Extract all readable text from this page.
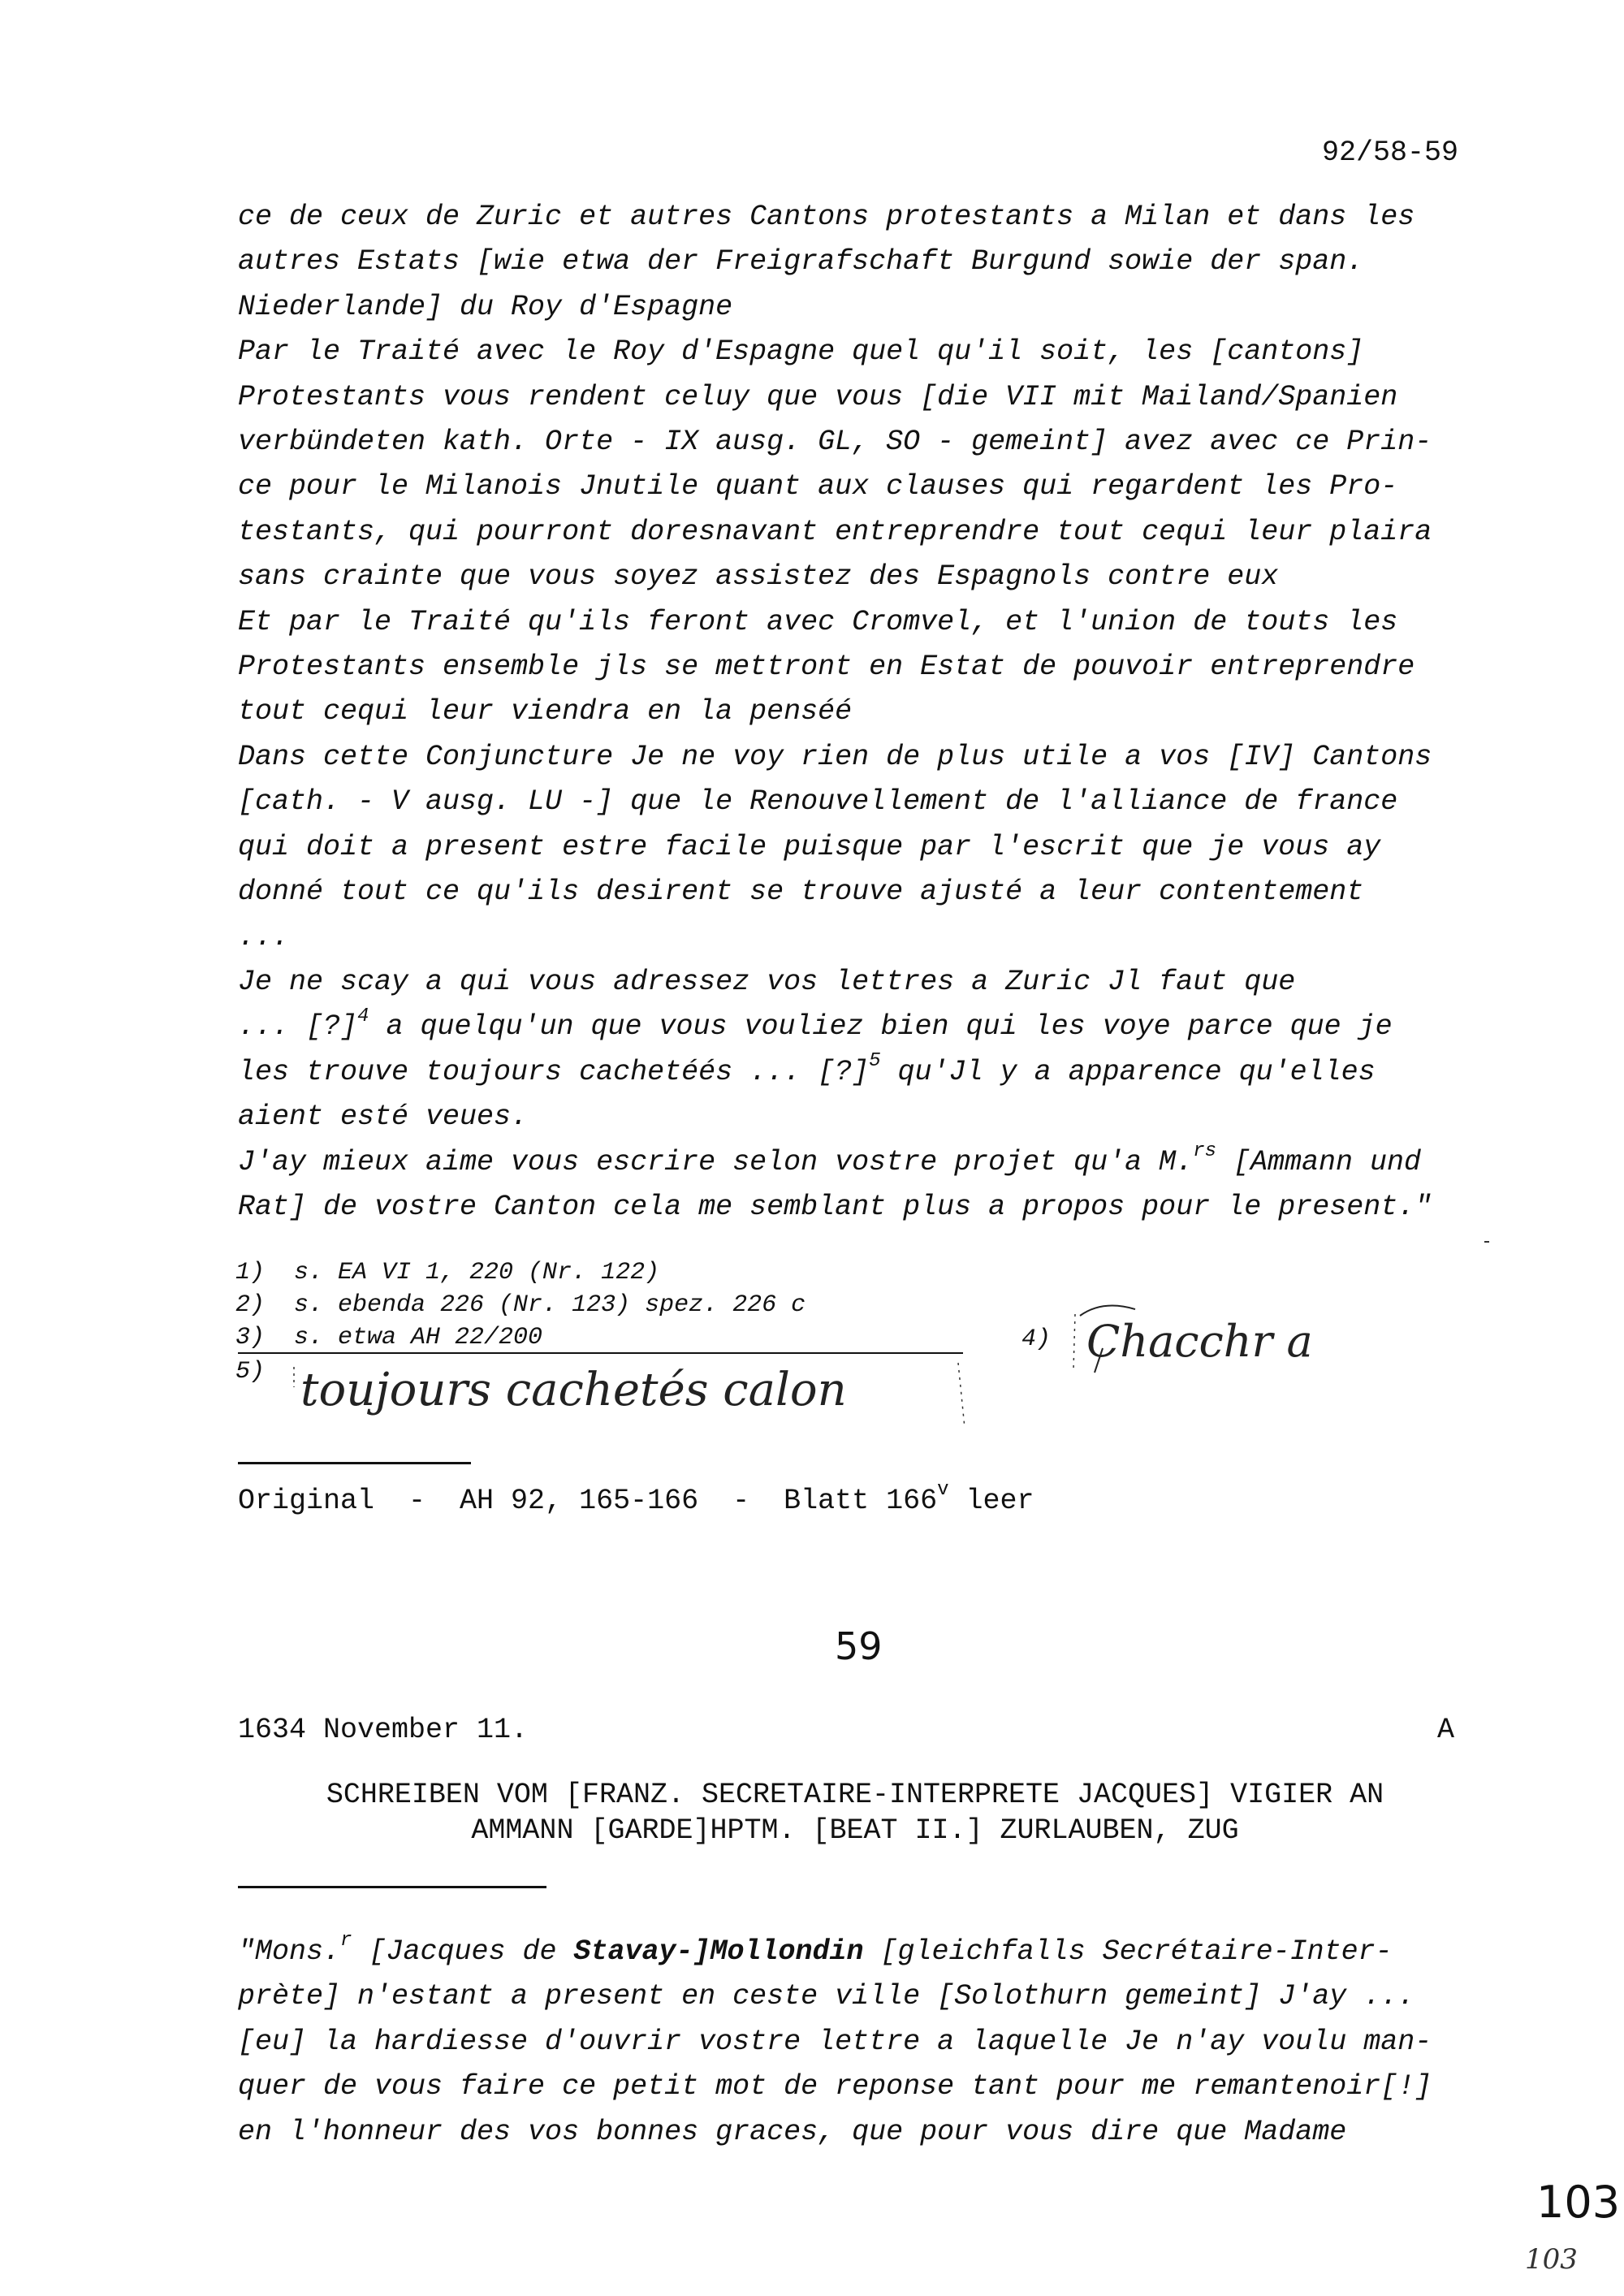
92/58-59

ce de ceux de Zuric et autres Cantons protestants a Milan et dans les

autres Estats [wie etwa der Freigrafschaft Burgund sowie der span.

Niederlande] du Roy d'Espagne

Par le Traité avec le Roy d'Espagne quel qu'il soit, les [cantons]

Protestants vous rendent celuy que vous [die VII mit Mailand/Spanien

verbündeten kath. Orte - IX ausg. GL, SO - gemeint] avez avec ce Prin-

ce pour le Milanois Jnutile quant aux clauses qui regardent les Pro-

testants, qui pourront doresnavant entreprendre tout cequi leur plaira

sans crainte que vous soyez assistez des Espagnols contre eux

Et par le Traité qu'ils feront avec Cromvel, et l'union de touts les

Protestants ensemble jls se mettront en Estat de pouvoir entreprendre

tout cequi leur viendra en la penséé

Dans cette Conjuncture Je ne voy rien de plus utile a vos [IV] Cantons

[cath. - V ausg. LU -] que le Renouvellement de l'alliance de france

qui doit a present estre facile puisque par l'escrit que je vous ay

donné tout ce qu'ils desirent se trouve ajusté a leur contentement

...

Je ne scay a qui vous adressez vos lettres a Zuric Jl faut que

... [?]$^4$ a quelqu'un que vous vouliez bien qui les voye parce que je

les trouve toujours cachetéés ... [?]$^5$ qu'Jl y a apparence qu'elles

aient esté veues.

J'ay mieux aime vous escrire selon vostre projet qu'a M.$^{rs}$ [Ammann und

Rat] de vostre Canton cela me semblant plus a propos pour le present."

1)  s. EA VI 1, 220 (Nr. 122)
2)  s. ebenda 226 (Nr. 123) spez. 226 c
3)  s. etwa AH 22/200
5)
4) Chacchr a
toujours cachetés calon
Original  -  AH 92, 165-166  -  Blatt 166$^v$ leer
59
1634 November 11.	A
SCHREIBEN VOM [FRANZ. SECRETAIRE-INTERPRETE JACQUES] VIGIER AN
AMMANN [GARDE]HPTM. [BEAT II.] ZURLAUBEN, ZUG

"Mons.$^r$ [Jacques de Stavay-]Mollondin [gleichfalls Secrétaire-Inter-

prète] n'estant a present en ceste ville [Solothurn gemeint] J'ay ...

[eu] la hardiesse d'ouvrir vostre lettre a laquelle Je n'ay voulu man-

quer de vous faire ce petit mot de reponse tant pour me remantenoir[!]

en l'honneur des vos bonnes graces, que pour vous dire que Madame

103
103
